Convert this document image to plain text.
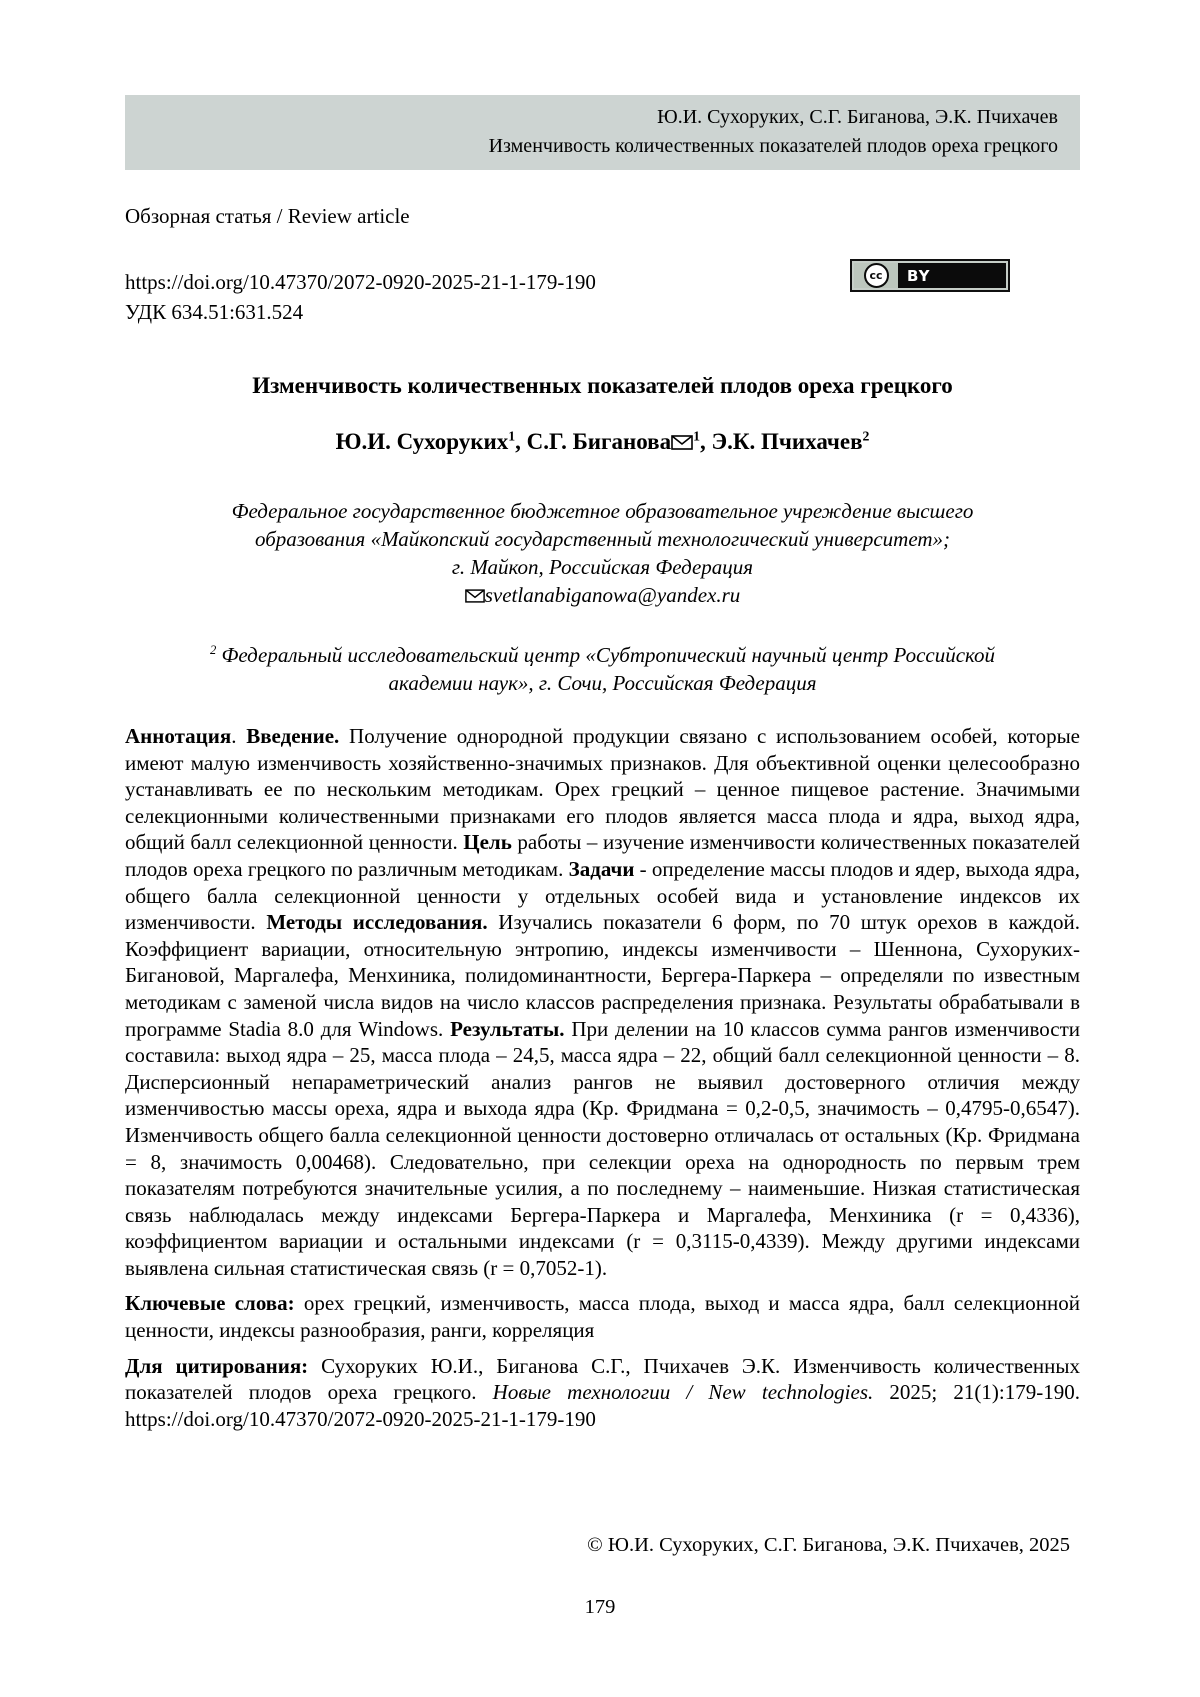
Ю.И. Сухоруких, С.Г. Биганова, Э.К. Пчихачев
Изменчивость количественных показателей плодов ореха грецкого
Обзорная статья / Review article
https://doi.org/10.47370/2072-0920-2025-21-1-179-190
УДК 634.51:631.524
cc	BY
Изменчивость количественных показателей плодов ореха грецкого
Ю.И. Сухоруких$^1$, С.Г. Биганова $^1$, Э.К. Пчихачев$^2$
Федеральное государственное бюджетное образовательное учреждение высшего
образования «Майкопский государственный технологический университет»;
г. Майкоп, Российская Федерация
svetlanabiganowa@yandex.ru
$^2$ Федеральный исследовательский центр «Субтропический научный центр Российской
академии наук», г. Сочи, Российская Федерация

Аннотация. Введение. Получение однородной продукции связано с использованием особей, которые имеют малую изменчивость хозяйственно-значимых признаков. Для объективной оценки целесообразно устанавливать ее по нескольким методикам. Орех грецкий – ценное пищевое растение. Значимыми селекционными количественными признаками его плодов является масса плода и ядра, выход ядра, общий балл селекционной ценности. Цель работы – изучение изменчивости количественных показателей плодов ореха грецкого по различным методикам. Задачи - определение массы плодов и ядер, выхода ядра, общего балла селекционной ценности у отдельных особей вида и установление индексов их изменчивости. Методы исследования. Изучались показатели 6 форм, по 70 штук орехов в каждой. Коэффициент вариации, относительную энтропию, индексы изменчивости – Шеннона, Сухоруких-Бигановой, Маргалефа, Менхиника, полидоминантности, Бергера-Паркера – определяли по известным методикам с заменой числа видов на число классов распределения признака. Результаты обрабатывали в программе Stadia 8.0 для Windows. Результаты. При делении на 10 классов сумма рангов изменчивости составила: выход ядра – 25, масса плода – 24,5, масса ядра – 22, общий балл селекционной ценности – 8. Дисперсионный непараметрический анализ рангов не выявил достоверного отличия между изменчивостью массы ореха, ядра и выхода ядра (Кр. Фридмана = 0,2-0,5, значимость – 0,4795-0,6547). Изменчивость общего балла селекционной ценности достоверно отличалась от остальных (Кр. Фридмана = 8, значимость 0,00468). Следовательно, при селекции ореха на однородность по первым трем показателям потребуются значительные усилия, а по последнему – наименьшие. Низкая статистическая связь наблюдалась между индексами Бергера-Паркера и Маргалефа, Менхиника (r = 0,4336), коэффициентом вариации и остальными индексами (r = 0,3115-0,4339). Между другими индексами выявлена сильная статистическая связь (r = 0,7052-1).

Ключевые слова: орех грецкий, изменчивость, масса плода, выход и масса ядра, балл селекционной ценности, индексы разнообразия, ранги, корреляция

Для цитирования: Сухоруких Ю.И., Биганова С.Г., Пчихачев Э.К. Изменчивость количественных показателей плодов ореха грецкого. Новые технологии / New technologies. 2025; 21(1):179-190. https://doi.org/10.47370/2072-0920-2025-21-1-179-190

© Ю.И. Сухоруких, С.Г. Биганова, Э.К. Пчихачев, 2025
179
